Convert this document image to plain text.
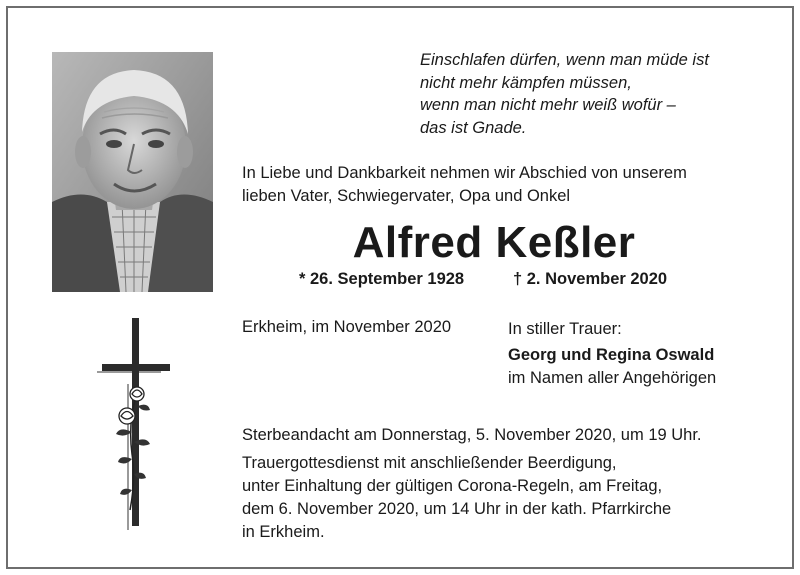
Einschlafen dürfen, wenn man müde ist
nicht mehr kämpfen müssen,
wenn man nicht mehr weiß wofür –
das ist Gnade.
In Liebe und Dankbarkeit nehmen wir Abschied von unserem
lieben Vater, Schwiegervater, Opa und Onkel
Alfred Keßler
* 26. September 1928	† 2. November 2020
Erkheim, im November 2020	In stiller Trauer:
Georg und Regina Oswald
im Namen aller Angehörigen
Sterbeandacht am Donnerstag, 5. November 2020, um 19 Uhr.
Trauergottesdienst mit anschließender Beerdigung,
unter Einhaltung der gültigen Corona-Regeln, am Freitag,
dem 6. November 2020, um 14 Uhr in der kath. Pfarrkirche
in Erkheim.
